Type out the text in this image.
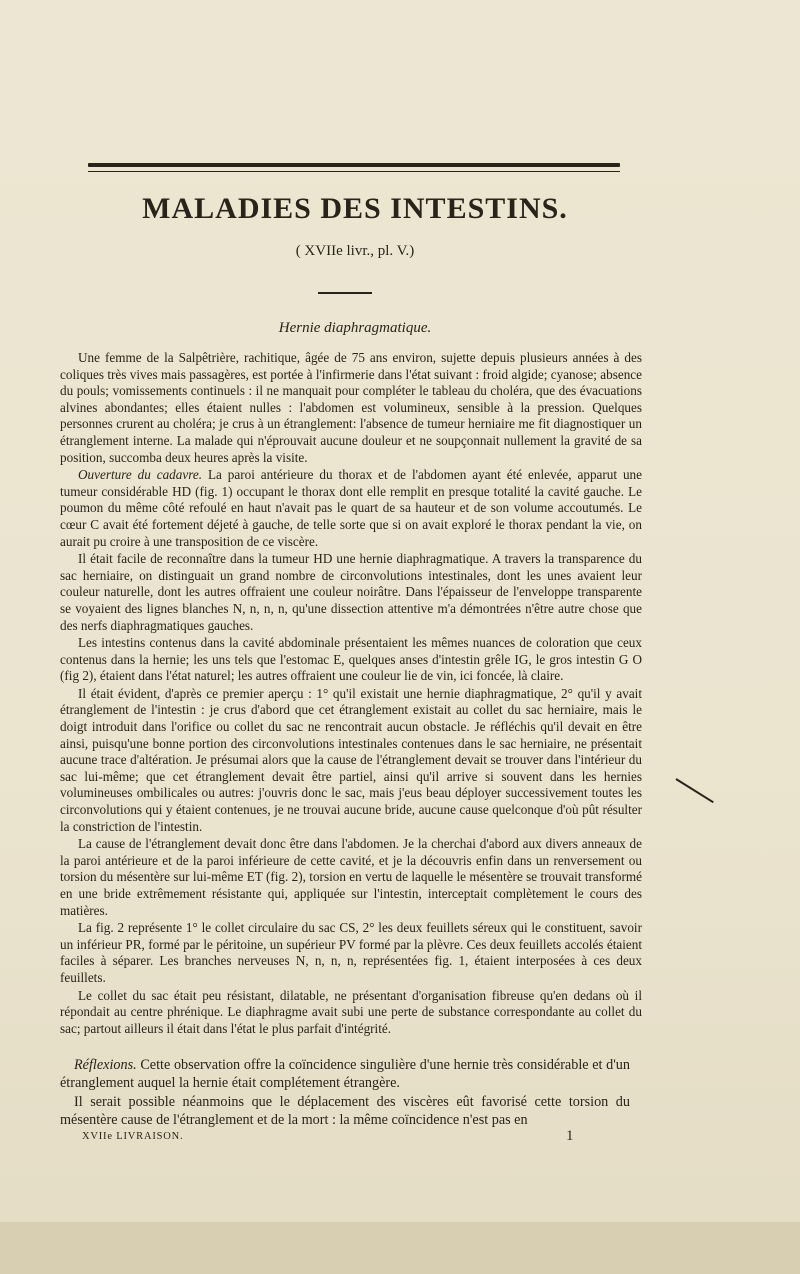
MALADIES DES INTESTINS.
( XVIIe livr., pl. V.)
Hernie diaphragmatique.

Une femme de la Salpêtrière, rachitique, âgée de 75 ans environ, sujette depuis plusieurs années à des coliques très vives mais passagères, est portée à l'infirmerie dans l'état suivant : froid algide; cyanose; absence du pouls; vomissements continuels : il ne manquait pour compléter le tableau du choléra, que des évacuations alvines abondantes; elles étaient nulles : l'abdomen est volumineux, sensible à la pression. Quelques personnes crurent au choléra; je crus à un étranglement: l'absence de tumeur herniaire me fit diagnostiquer un étranglement interne. La malade qui n'éprouvait aucune douleur et ne soupçonnait nullement la gravité de sa position, succomba deux heures après la visite.

Ouverture du cadavre. La paroi antérieure du thorax et de l'abdomen ayant été enlevée, apparut une tumeur considérable HD (fig. 1) occupant le thorax dont elle remplit en presque totalité la cavité gauche. Le poumon du même côté refoulé en haut n'avait pas le quart de sa hauteur et de son volume accoutumés. Le cœur C avait été fortement déjeté à gauche, de telle sorte que si on avait exploré le thorax pendant la vie, on aurait pu croire à une transposition de ce viscère.

Il était facile de reconnaître dans la tumeur HD une hernie diaphragmatique. A travers la transparence du sac herniaire, on distinguait un grand nombre de circonvolutions intestinales, dont les unes avaient leur couleur naturelle, dont les autres offraient une couleur noirâtre. Dans l'épaisseur de l'enveloppe transparente se voyaient des lignes blanches N, n, n, n, qu'une dissection attentive m'a démontrées n'être autre chose que des nerfs diaphragmatiques gauches.

Les intestins contenus dans la cavité abdominale présentaient les mêmes nuances de coloration que ceux contenus dans la hernie; les uns tels que l'estomac E, quelques anses d'intestin grêle IG, le gros intestin G O (fig 2), étaient dans l'état naturel; les autres offraient une couleur lie de vin, ici foncée, là claire.

Il était évident, d'après ce premier aperçu : 1° qu'il existait une hernie diaphragmatique, 2° qu'il y avait étranglement de l'intestin : je crus d'abord que cet étranglement existait au collet du sac herniaire, mais le doigt introduit dans l'orifice ou collet du sac ne rencontrait aucun obstacle. Je réfléchis qu'il devait en être ainsi, puisqu'une bonne portion des circonvolutions intestinales contenues dans le sac herniaire, ne présentait aucune trace d'altération. Je présumai alors que la cause de l'étranglement devait se trouver dans l'intérieur du sac lui-même; que cet étranglement devait être partiel, ainsi qu'il arrive si souvent dans les hernies volumineuses ombilicales ou autres: j'ouvris donc le sac, mais j'eus beau déployer successivement toutes les circonvolutions qui y étaient contenues, je ne trouvai aucune bride, aucune cause quelconque d'où pût résulter la constriction de l'intestin.

La cause de l'étranglement devait donc être dans l'abdomen. Je la cherchai d'abord aux divers anneaux de la paroi antérieure et de la paroi inférieure de cette cavité, et je la découvris enfin dans un renversement ou torsion du mésentère sur lui-même ET (fig. 2), torsion en vertu de laquelle le mésentère se trouvait transformé en une bride extrêmement résistante qui, appliquée sur l'intestin, interceptait complètement le cours des matières.

La fig. 2 représente 1° le collet circulaire du sac CS, 2° les deux feuillets séreux qui le constituent, savoir un inférieur PR, formé par le péritoine, un supérieur PV formé par la plèvre. Ces deux feuillets accolés étaient faciles à séparer. Les branches nerveuses N, n, n, n, représentées fig. 1, étaient interposées à ces deux feuillets.

Le collet du sac était peu résistant, dilatable, ne présentant d'organisation fibreuse qu'en dedans où il répondait au centre phrénique. Le diaphragme avait subi une perte de substance correspondante au collet du sac; partout ailleurs il était dans l'état le plus parfait d'intégrité.

Réflexions. Cette observation offre la coïncidence singulière d'une hernie très considérable et d'un étranglement auquel la hernie était complétement étrangère.

Il serait possible néanmoins que le déplacement des viscères eût favorisé cette torsion du mésentère cause de l'étranglement et de la mort : la même coïncidence n'est pas en

XVIIe LIVRAISON.	1
